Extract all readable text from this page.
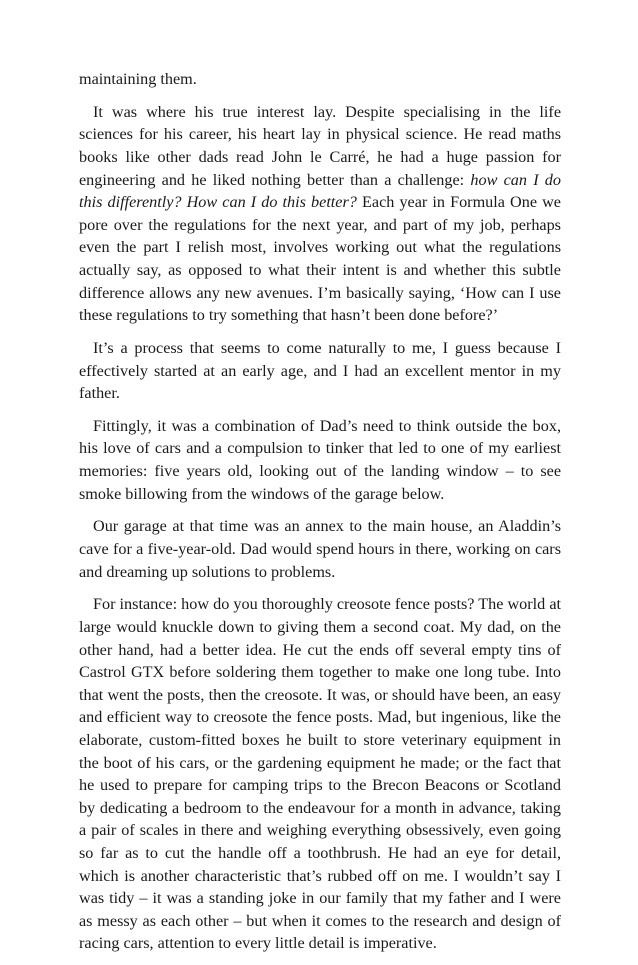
maintaining them.

It was where his true interest lay. Despite specialising in the life sciences for his career, his heart lay in physical science. He read maths books like other dads read John le Carré, he had a huge passion for engineering and he liked nothing better than a challenge: how can I do this differently? How can I do this better? Each year in Formula One we pore over the regulations for the next year, and part of my job, perhaps even the part I relish most, involves working out what the regulations actually say, as opposed to what their intent is and whether this subtle difference allows any new avenues. I’m basically saying, ‘How can I use these regulations to try something that hasn’t been done before?’

It’s a process that seems to come naturally to me, I guess because I effectively started at an early age, and I had an excellent mentor in my father.

Fittingly, it was a combination of Dad’s need to think outside the box, his love of cars and a compulsion to tinker that led to one of my earliest memories: five years old, looking out of the landing window – to see smoke billowing from the windows of the garage below.

Our garage at that time was an annex to the main house, an Aladdin’s cave for a five-year-old. Dad would spend hours in there, working on cars and dreaming up solutions to problems.

For instance: how do you thoroughly creosote fence posts? The world at large would knuckle down to giving them a second coat. My dad, on the other hand, had a better idea. He cut the ends off several empty tins of Castrol GTX before soldering them together to make one long tube. Into that went the posts, then the creosote. It was, or should have been, an easy and efficient way to creosote the fence posts. Mad, but ingenious, like the elaborate, custom-fitted boxes he built to store veterinary equipment in the boot of his cars, or the gardening equipment he made; or the fact that he used to prepare for camping trips to the Brecon Beacons or Scotland by dedicating a bedroom to the endeavour for a month in advance, taking a pair of scales in there and weighing everything obsessively, even going so far as to cut the handle off a toothbrush. He had an eye for detail, which is another characteristic that’s rubbed off on me. I wouldn’t say I was tidy – it was a standing joke in our family that my father and I were as messy as each other – but when it comes to the research and design of racing cars, attention to every little detail is imperative.
